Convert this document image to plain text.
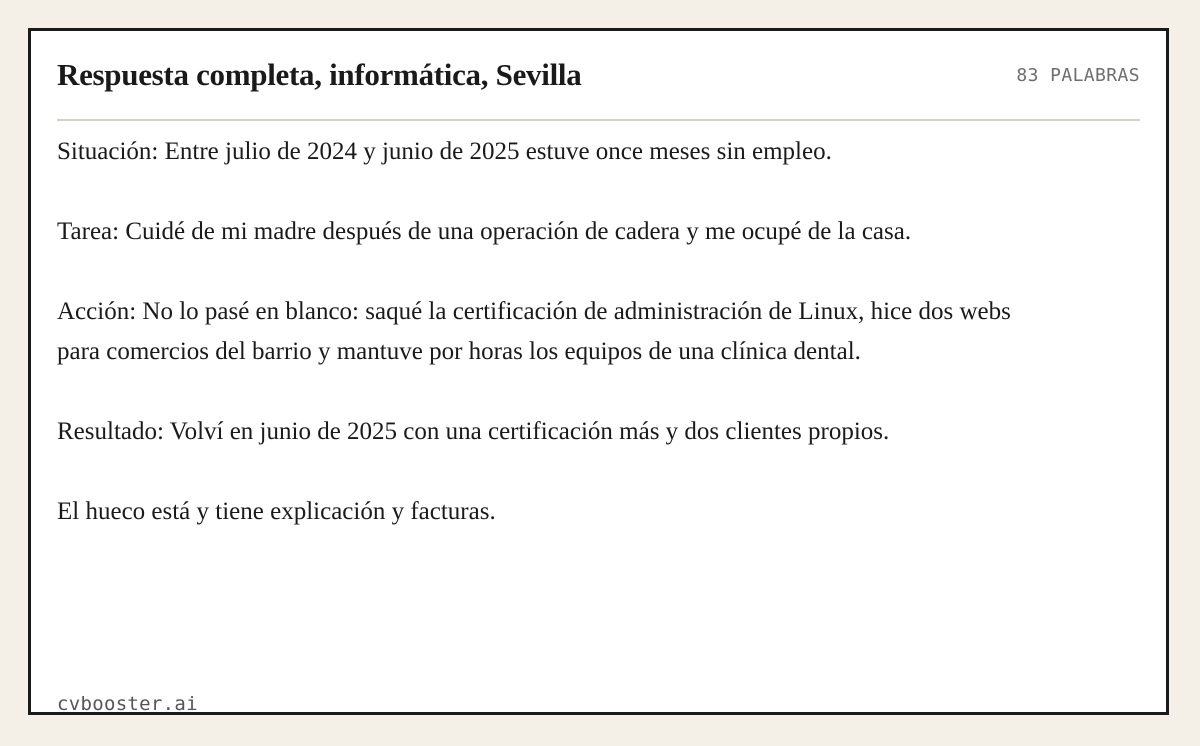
Respuesta completa, informática, Sevilla	83 PALABRAS

Situación: Entre julio de 2024 y junio de 2025 estuve once meses sin empleo.

Tarea: Cuidé de mi madre después de una operación de cadera y me ocupé de la casa.

Acción: No lo pasé en blanco: saqué la certificación de administración de Linux, hice dos webs para comercios del barrio y mantuve por horas los equipos de una clínica dental.

Resultado: Volví en junio de 2025 con una certificación más y dos clientes propios.

El hueco está y tiene explicación y facturas.

cvbooster.ai
